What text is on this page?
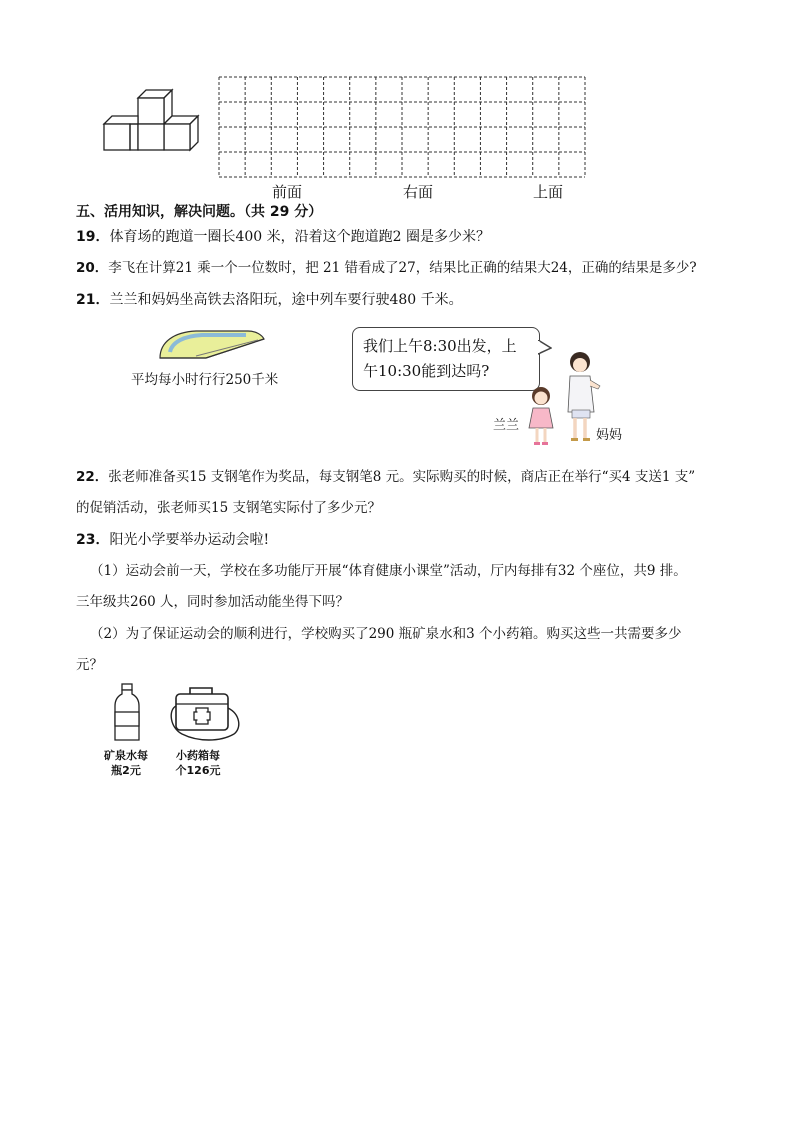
前面	右面	上面
五、活用知识，解决问题。（共 29 分）
19．体育场的跑道一圈长400 米，沿着这个跑道跑2 圈是多少米？
20．李飞在计算21 乘一个一位数时，把 21 错看成了27，结果比正确的结果大24，正确的结果是多少?
21．兰兰和妈妈坐高铁去洛阳玩，途中列车要行驶480 千米。
平均每小时行行250千米
我们上午8:30出发，上
午10:30能到达吗?
兰兰
妈妈
22．张老师准备买15 支钢笔作为奖品，每支钢笔8 元。实际购买的时候，商店正在举行“买4 支送1 支”
的促销活动，张老师买15 支钢笔实际付了多少元？
23．阳光小学要举办运动会啦!
（1）运动会前一天，学校在多功能厅开展“体育健康小课堂”活动，厅内每排有32 个座位，共9 排。
三年级共260 人，同时参加活动能坐得下吗？
（2）为了保证运动会的顺利进行，学校购买了290 瓶矿泉水和3 个小药箱。购买这些一共需要多少
元？
矿泉水每
瓶2元
小药箱每
个126元
